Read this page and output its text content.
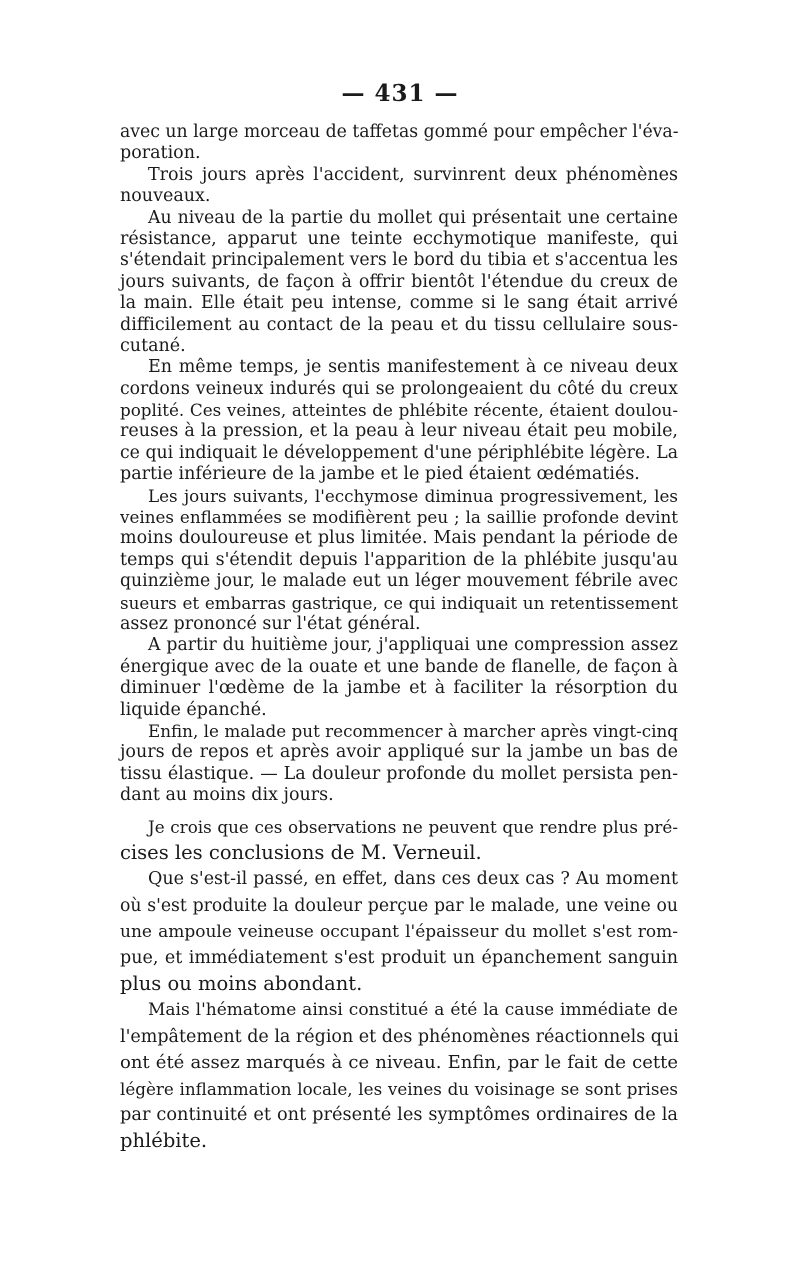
— 431 —
avec un large morceau de taffetas gommé pour empêcher l'éva-
poration.
Trois jours après l'accident, survinrent deux phénomènes
nouveaux.
Au niveau de la partie du mollet qui présentait une certaine
résistance, apparut une teinte ecchymotique manifeste, qui
s'étendait principalement vers le bord du tibia et s'accentua les
jours suivants, de façon à offrir bientôt l'étendue du creux de
la main. Elle était peu intense, comme si le sang était arrivé
difficilement au contact de la peau et du tissu cellulaire sous-
cutané.
En même temps, je sentis manifestement à ce niveau deux
cordons veineux indurés qui se prolongeaient du côté du creux
poplité. Ces veines, atteintes de phlébite récente, étaient doulou-
reuses à la pression, et la peau à leur niveau était peu mobile,
ce qui indiquait le développement d'une périphlébite légère. La
partie inférieure de la jambe et le pied étaient œdématiés.
Les jours suivants, l'ecchymose diminua progressivement, les
veines enflammées se modifièrent peu ; la saillie profonde devint
moins douloureuse et plus limitée. Mais pendant la période de
temps qui s'étendit depuis l'apparition de la phlébite jusqu'au
quinzième jour, le malade eut un léger mouvement fébrile avec
sueurs et embarras gastrique, ce qui indiquait un retentissement
assez prononcé sur l'état général.
A partir du huitième jour, j'appliquai une compression assez
énergique avec de la ouate et une bande de flanelle, de façon à
diminuer l'œdème de la jambe et à faciliter la résorption du
liquide épanché.
Enfin, le malade put recommencer à marcher après vingt-cinq
jours de repos et après avoir appliqué sur la jambe un bas de
tissu élastique. — La douleur profonde du mollet persista pen-
dant au moins dix jours.
Je crois que ces observations ne peuvent que rendre plus pré-
cises les conclusions de M. Verneuil.
Que s'est-il passé, en effet, dans ces deux cas ? Au moment
où s'est produite la douleur perçue par le malade, une veine ou
une ampoule veineuse occupant l'épaisseur du mollet s'est rom-
pue, et immédiatement s'est produit un épanchement sanguin
plus ou moins abondant.
Mais l'hématome ainsi constitué a été la cause immédiate de
l'empâtement de la région et des phénomènes réactionnels qui
ont été assez marqués à ce niveau. Enfin, par le fait de cette
légère inflammation locale, les veines du voisinage se sont prises
par continuité et ont présenté les symptômes ordinaires de la
phlébite.
